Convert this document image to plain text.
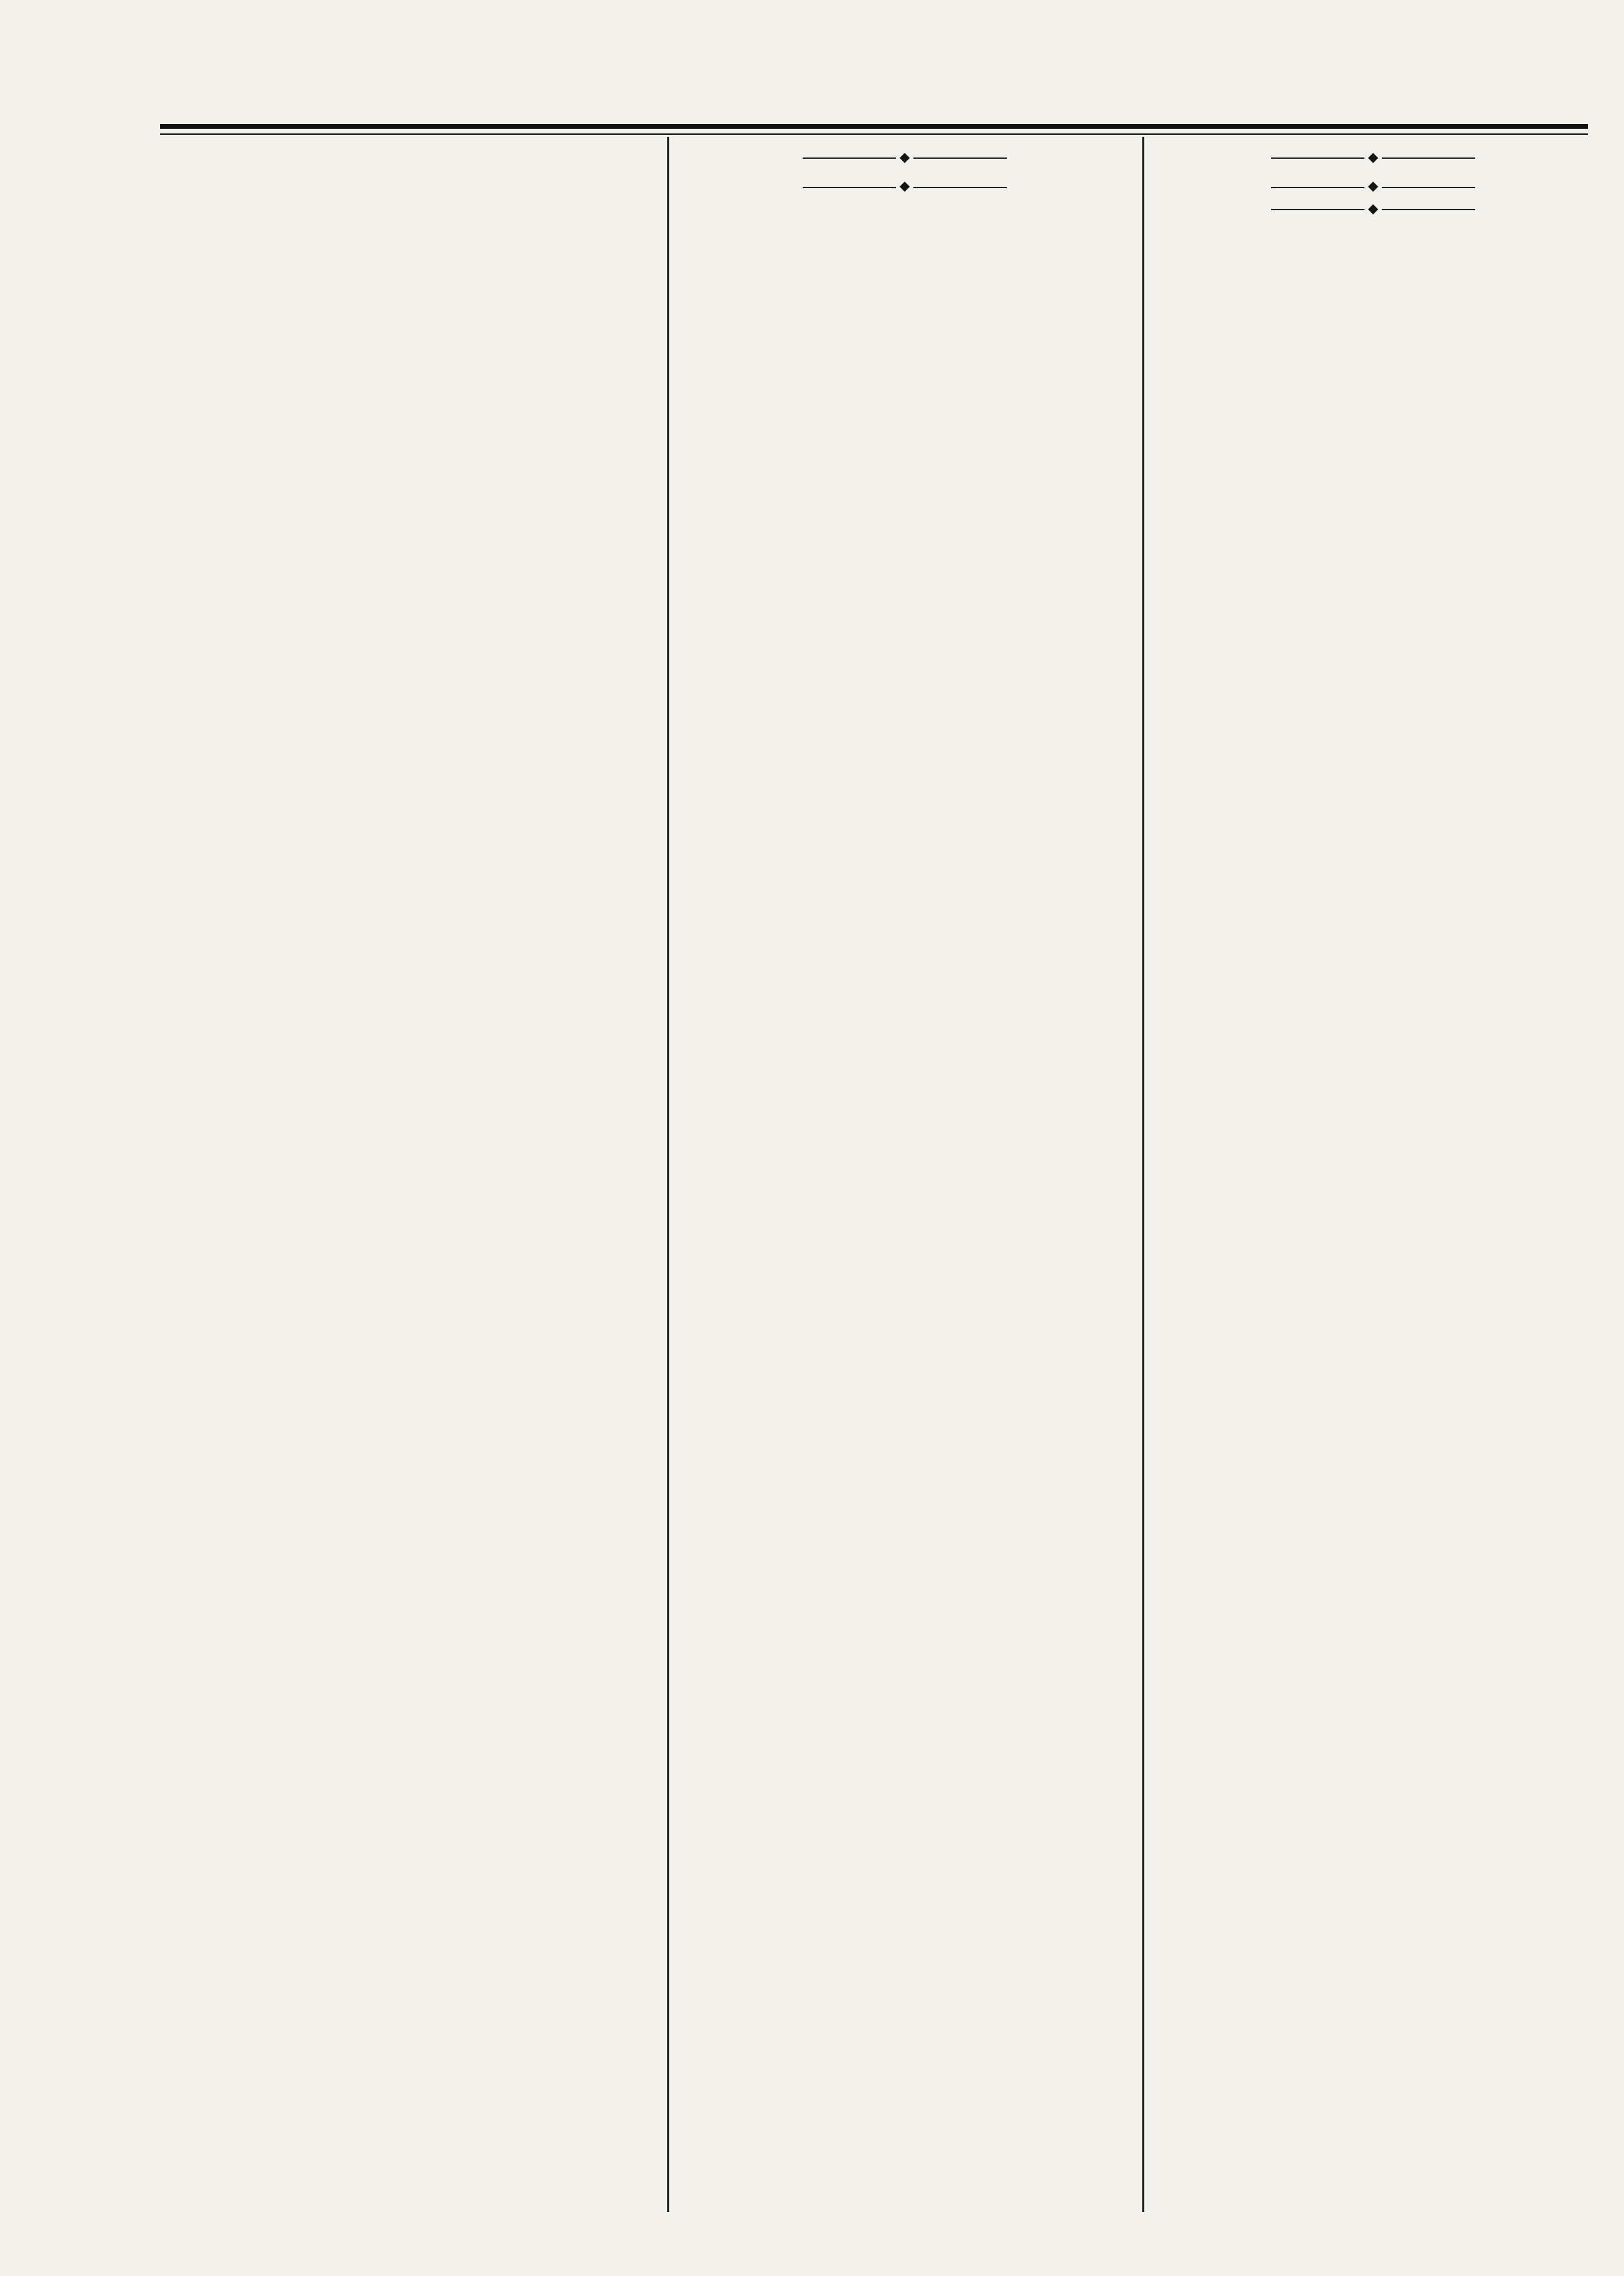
◆

◆

◆

◆

◆
